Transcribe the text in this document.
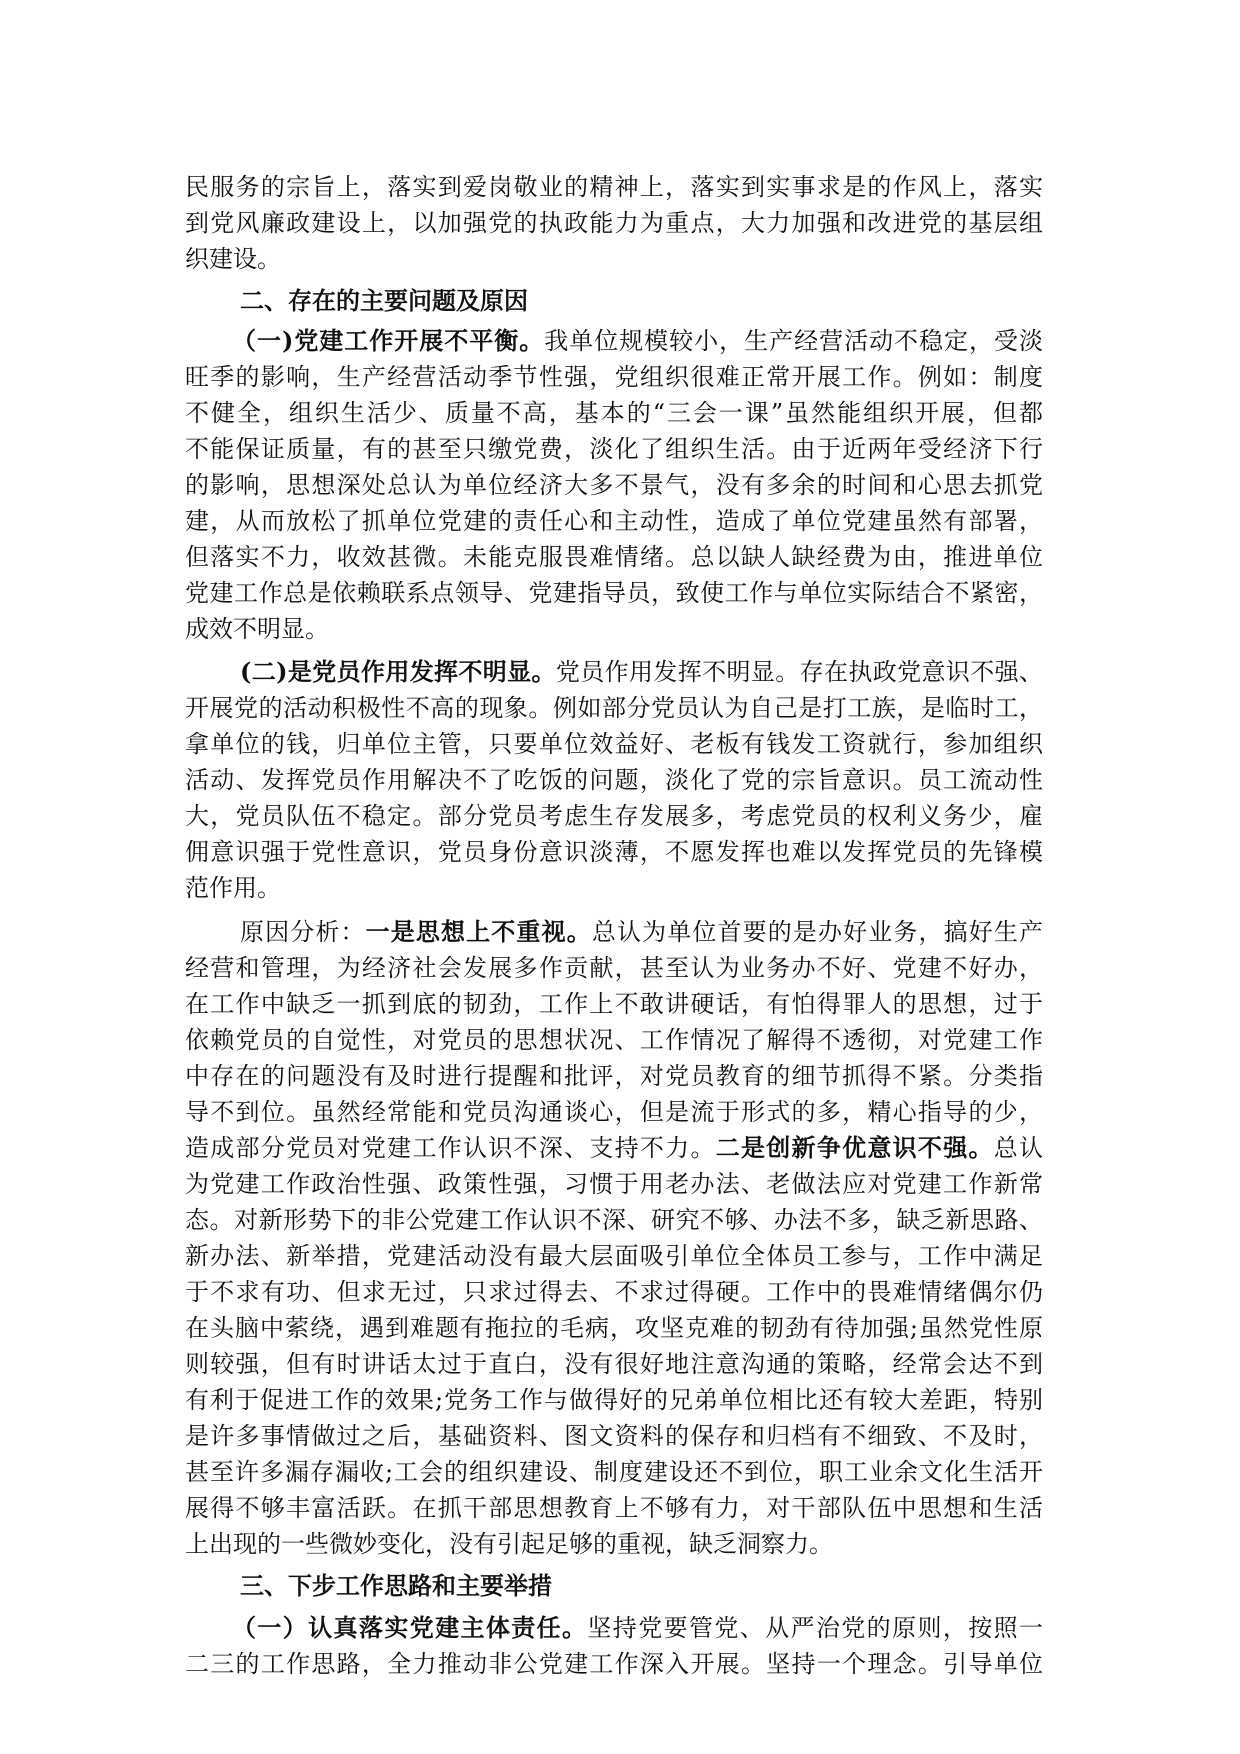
民服务的宗旨上，落实到爱岗敬业的精神上，落实到实事求是的作风上，落实
到党风廉政建设上，以加强党的执政能力为重点，大力加强和改进党的基层组
织建设。
二、存在的主要问题及原因
（一)党建工作开展不平衡。我单位规模较小，生产经营活动不稳定，受淡
旺季的影响，生产经营活动季节性强，党组织很难正常开展工作。例如：制度
不健全，组织生活少、质量不高，基本的“三会一课”虽然能组织开展，但都
不能保证质量，有的甚至只缴党费，淡化了组织生活。由于近两年受经济下行
的影响，思想深处总认为单位经济大多不景气，没有多余的时间和心思去抓党
建，从而放松了抓单位党建的责任心和主动性，造成了单位党建虽然有部署，
但落实不力，收效甚微。未能克服畏难情绪。总以缺人缺经费为由，推进单位
党建工作总是依赖联系点领导、党建指导员，致使工作与单位实际结合不紧密，
成效不明显。
(二)是党员作用发挥不明显。党员作用发挥不明显。存在执政党意识不强、
开展党的活动积极性不高的现象。例如部分党员认为自己是打工族，是临时工，
拿单位的钱，归单位主管，只要单位效益好、老板有钱发工资就行，参加组织
活动、发挥党员作用解决不了吃饭的问题，淡化了党的宗旨意识。员工流动性
大，党员队伍不稳定。部分党员考虑生存发展多，考虑党员的权利义务少，雇
佣意识强于党性意识，党员身份意识淡薄，不愿发挥也难以发挥党员的先锋模
范作用。
原因分析：一是思想上不重视。总认为单位首要的是办好业务，搞好生产
经营和管理，为经济社会发展多作贡献，甚至认为业务办不好、党建不好办，
在工作中缺乏一抓到底的韧劲，工作上不敢讲硬话，有怕得罪人的思想，过于
依赖党员的自觉性，对党员的思想状况、工作情况了解得不透彻，对党建工作
中存在的问题没有及时进行提醒和批评，对党员教育的细节抓得不紧。分类指
导不到位。虽然经常能和党员沟通谈心，但是流于形式的多，精心指导的少，
造成部分党员对党建工作认识不深、支持不力。二是创新争优意识不强。总认
为党建工作政治性强、政策性强，习惯于用老办法、老做法应对党建工作新常
态。对新形势下的非公党建工作认识不深、研究不够、办法不多，缺乏新思路、
新办法、新举措，党建活动没有最大层面吸引单位全体员工参与，工作中满足
于不求有功、但求无过，只求过得去、不求过得硬。工作中的畏难情绪偶尔仍
在头脑中萦绕，遇到难题有拖拉的毛病，攻坚克难的韧劲有待加强;虽然党性原
则较强，但有时讲话太过于直白，没有很好地注意沟通的策略，经常会达不到
有利于促进工作的效果;党务工作与做得好的兄弟单位相比还有较大差距，特别
是许多事情做过之后，基础资料、图文资料的保存和归档有不细致、不及时，
甚至许多漏存漏收;工会的组织建设、制度建设还不到位，职工业余文化生活开
展得不够丰富活跃。在抓干部思想教育上不够有力，对干部队伍中思想和生活
上出现的一些微妙变化，没有引起足够的重视，缺乏洞察力。
三、下步工作思路和主要举措
（一）认真落实党建主体责任。坚持党要管党、从严治党的原则，按照一
二三的工作思路，全力推动非公党建工作深入开展。坚持一个理念。引导单位
